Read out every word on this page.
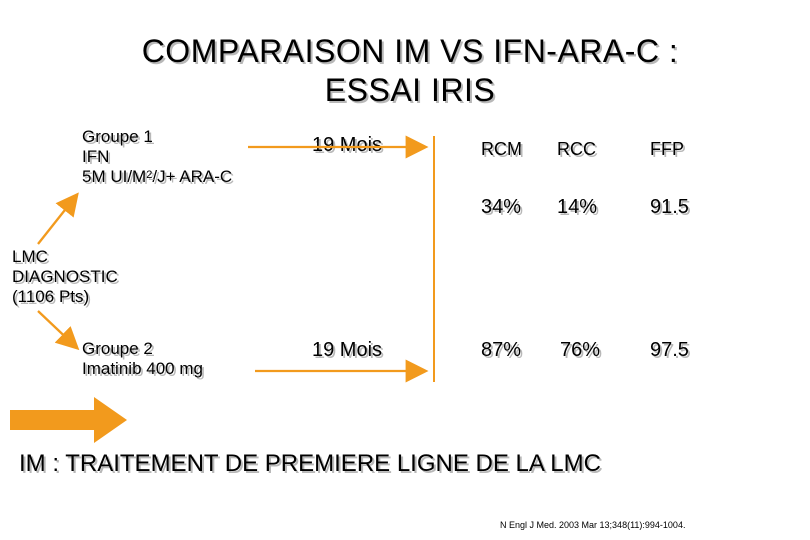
COMPARAISON IM VS IFN-ARA-C :
ESSAI IRIS
Groupe 1
IFN
5M $UI/M^2/J+ ARA-C$
LMC
DIAGNOSTIC
(1106 Pts)
Groupe 2
Imatinib 400 mg
19 Mois
19 Mois
RCM RCC	FFP
34% 14%	91.5
87% 76% 97.5
IM : TRAITEMENT DE PREMIERE LIGNE DE LA LMC
N Engl J Med. 2003 Mar 13;348(11):994-1004.
